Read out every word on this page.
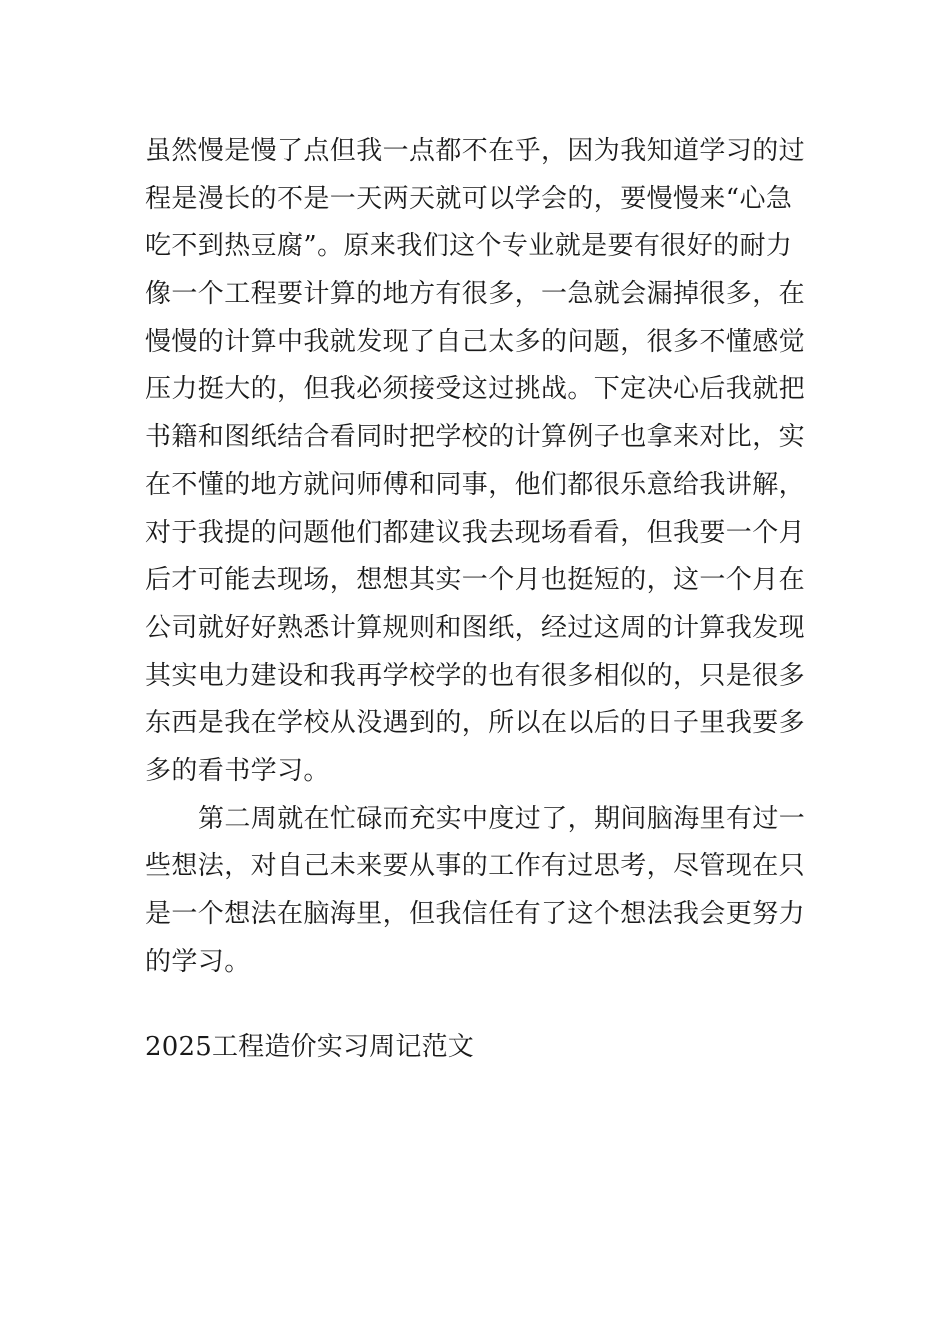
虽然慢是慢了点但我一点都不在乎，因为我知道学习的过
程是漫长的不是一天两天就可以学会的，要慢慢来“心急
吃不到热豆腐”。原来我们这个专业就是要有很好的耐力
像一个工程要计算的地方有很多，一急就会漏掉很多，在
慢慢的计算中我就发现了自己太多的问题，很多不懂感觉
压力挺大的，但我必须接受这过挑战。下定决心后我就把
书籍和图纸结合看同时把学校的计算例子也拿来对比，实
在不懂的地方就问师傅和同事，他们都很乐意给我讲解，
对于我提的问题他们都建议我去现场看看，但我要一个月
后才可能去现场，想想其实一个月也挺短的，这一个月在
公司就好好熟悉计算规则和图纸，经过这周的计算我发现
其实电力建设和我再学校学的也有很多相似的，只是很多
东西是我在学校从没遇到的，所以在以后的日子里我要多
多的看书学习。
第二周就在忙碌而充实中度过了，期间脑海里有过一
些想法，对自己未来要从事的工作有过思考，尽管现在只
是一个想法在脑海里，但我信任有了这个想法我会更努力
的学习。
2025工程造价实习周记范文
